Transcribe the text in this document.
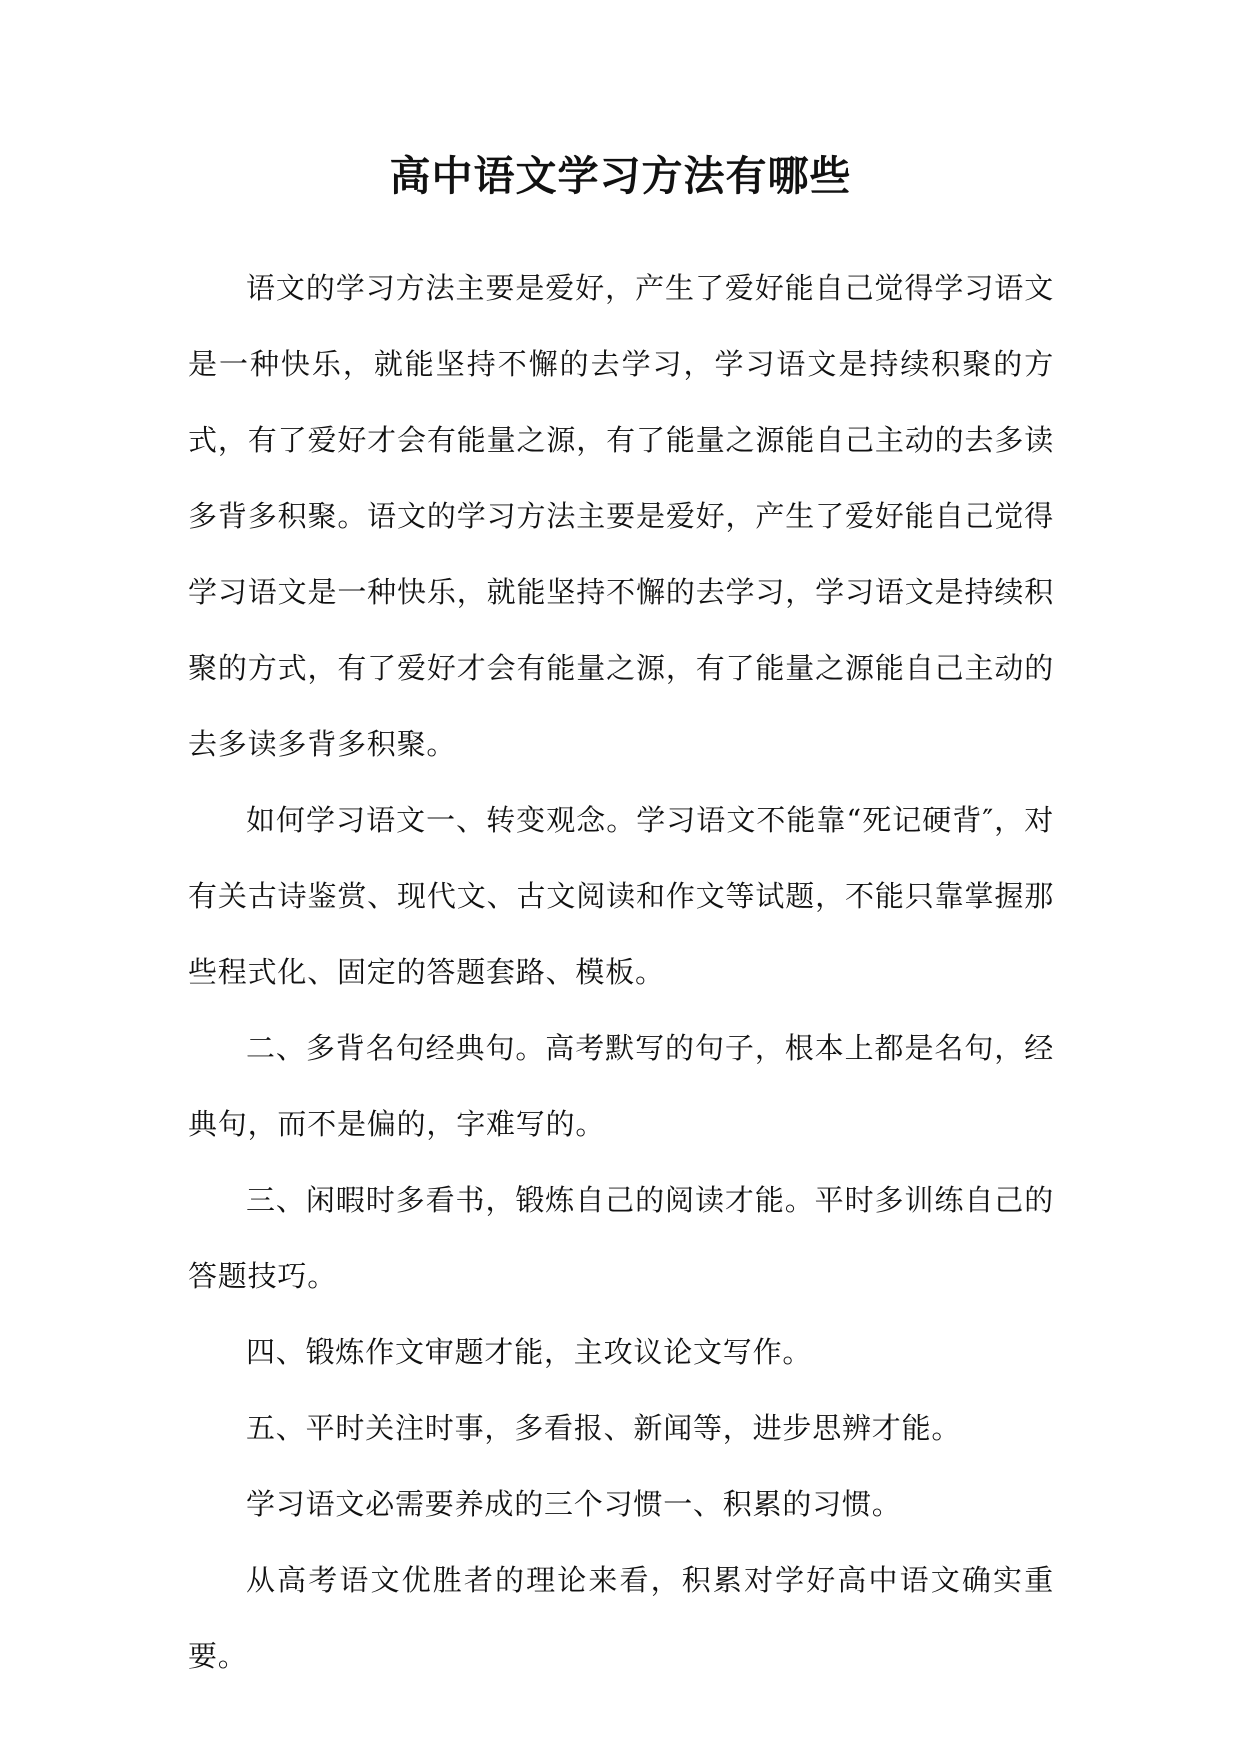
高中语文学习方法有哪些

语文的学习方法主要是爱好，产生了爱好能自己觉得学习语文是一种快乐，就能坚持不懈的去学习，学习语文是持续积聚的方式，有了爱好才会有能量之源，有了能量之源能自己主动的去多读多背多积聚。语文的学习方法主要是爱好，产生了爱好能自己觉得学习语文是一种快乐，就能坚持不懈的去学习，学习语文是持续积聚的方式，有了爱好才会有能量之源，有了能量之源能自己主动的去多读多背多积聚。

如何学习语文一、转变观念。学习语文不能靠“死记硬背″，对有关古诗鉴赏、现代文、古文阅读和作文等试题，不能只靠掌握那些程式化、固定的答题套路、模板。

二、多背名句经典句。高考默写的句子，根本上都是名句，经典句，而不是偏的，字难写的。

三、闲暇时多看书，锻炼自己的阅读才能。平时多训练自己的答题技巧。

四、锻炼作文审题才能，主攻议论文写作。

五、平时关注时事，多看报、新闻等，进步思辨才能。

学习语文必需要养成的三个习惯一、积累的习惯。

从高考语文优胜者的理论来看，积累对学好高中语文确实重要。
